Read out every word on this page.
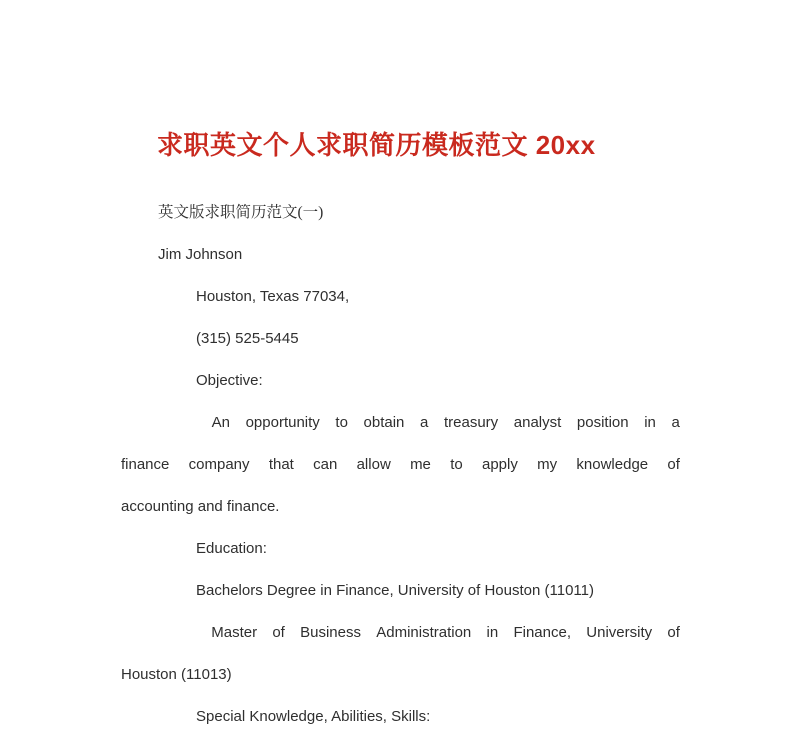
求职英文个人求职简历模板范文 20xx
英文版求职简历范文(一)
Jim Johnson
Houston, Texas 77034,
(315) 525-5445
Objective:
An opportunity to obtain a treasury analyst position in a
finance company that can allow me to apply my knowledge of
accounting and finance.
Education:
Bachelors Degree in Finance, University of Houston (11011)
Master of Business Administration in Finance, University of
Houston (11013)
Special Knowledge, Abilities, Skills:
